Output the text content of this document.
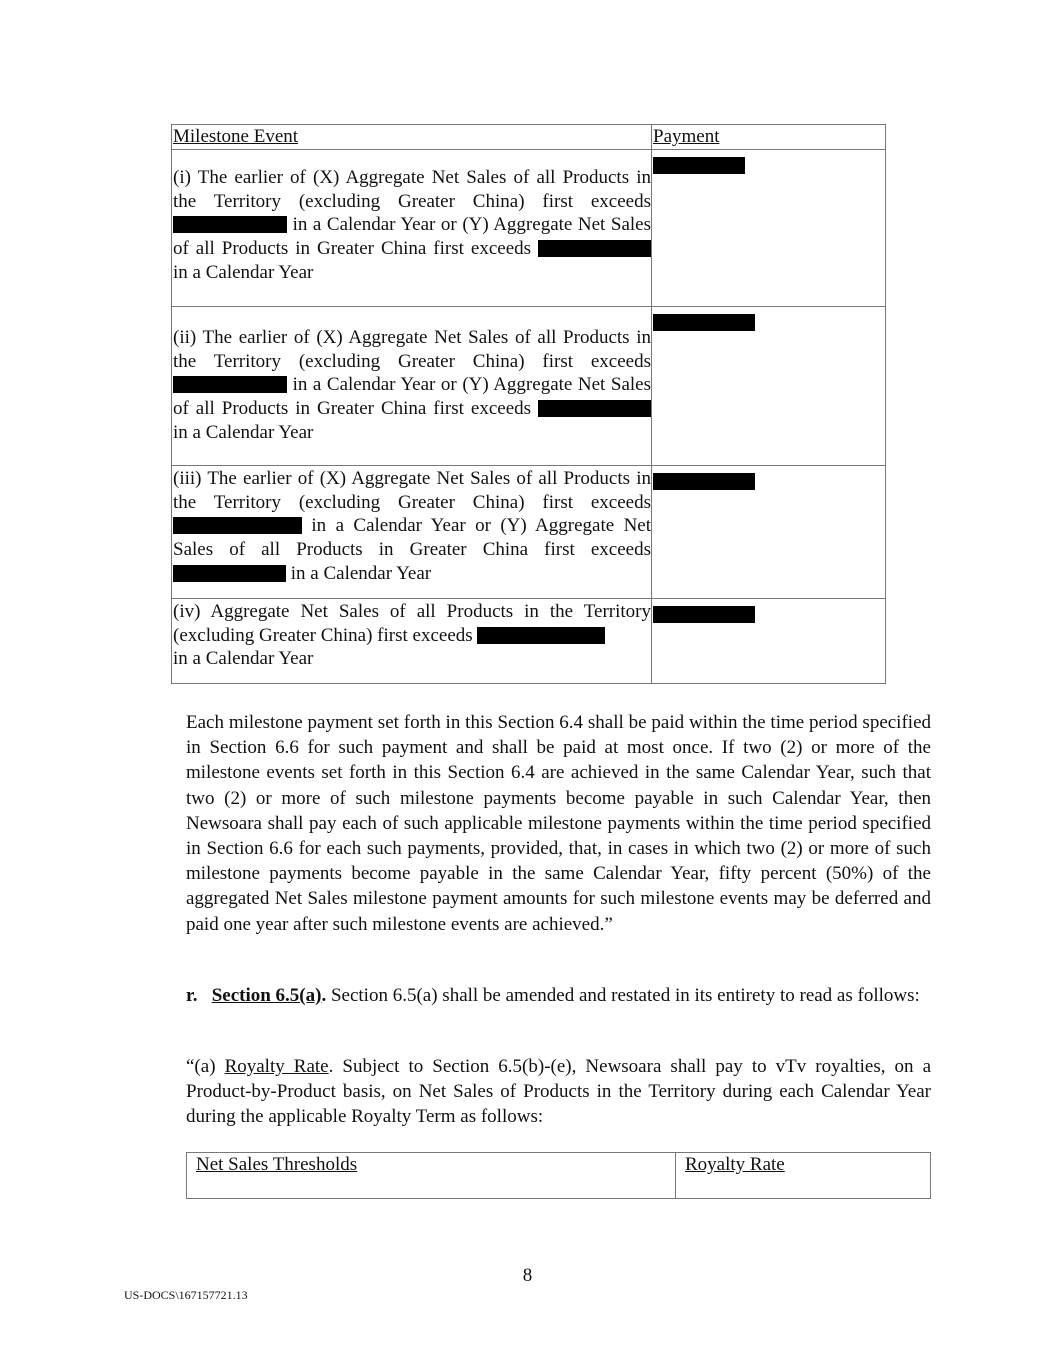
Milestone Event	Payment

(i) The earlier of (X) Aggregate Net Sales of all Products in the Territory (excluding Greater China) first exceeds  in a Calendar Year or (Y) Aggregate Net Sales of all Products in Greater China first exceeds  in a Calendar Year	

(ii) The earlier of (X) Aggregate Net Sales of all Products in the Territory (excluding Greater China) first exceeds  in a Calendar Year or (Y) Aggregate Net Sales of all Products in Greater China first exceeds  in a Calendar Year	

(iii) The earlier of (X) Aggregate Net Sales of all Products in the Territory (excluding Greater China) first exceeds  in a Calendar Year or (Y) Aggregate Net Sales of all Products in Greater China first exceeds  in a Calendar Year	

(iv) Aggregate Net Sales of all Products in the Territory (excluding Greater China) first exceeds
in a Calendar Year	

Each milestone payment set forth in this Section 6.4 shall be paid within the time period specified in Section 6.6 for such payment and shall be paid at most once. If two (2) or more of the milestone events set forth in this Section 6.4 are achieved in the same Calendar Year, such that two (2) or more of such milestone payments become payable in such Calendar Year, then Newsoara shall pay each of such applicable milestone payments within the time period specified in Section 6.6 for each such payments, provided, that, in cases in which two (2) or more of such milestone payments become payable in the same Calendar Year, fifty percent (50%) of the aggregated Net Sales milestone payment amounts for such milestone events may be deferred and paid one year after such milestone events are achieved.”
r. Section 6.5(a). Section 6.5(a) shall be amended and restated in its entirety to read as follows:
“(a) Royalty Rate. Subject to Section 6.5(b)-(e), Newsoara shall pay to vTv royalties, on a Product-by-Product basis, on Net Sales of Products in the Territory during each Calendar Year during the applicable Royalty Term as follows:
Net Sales Thresholds	Royalty Rate
8
US-DOCS\167157721.13
